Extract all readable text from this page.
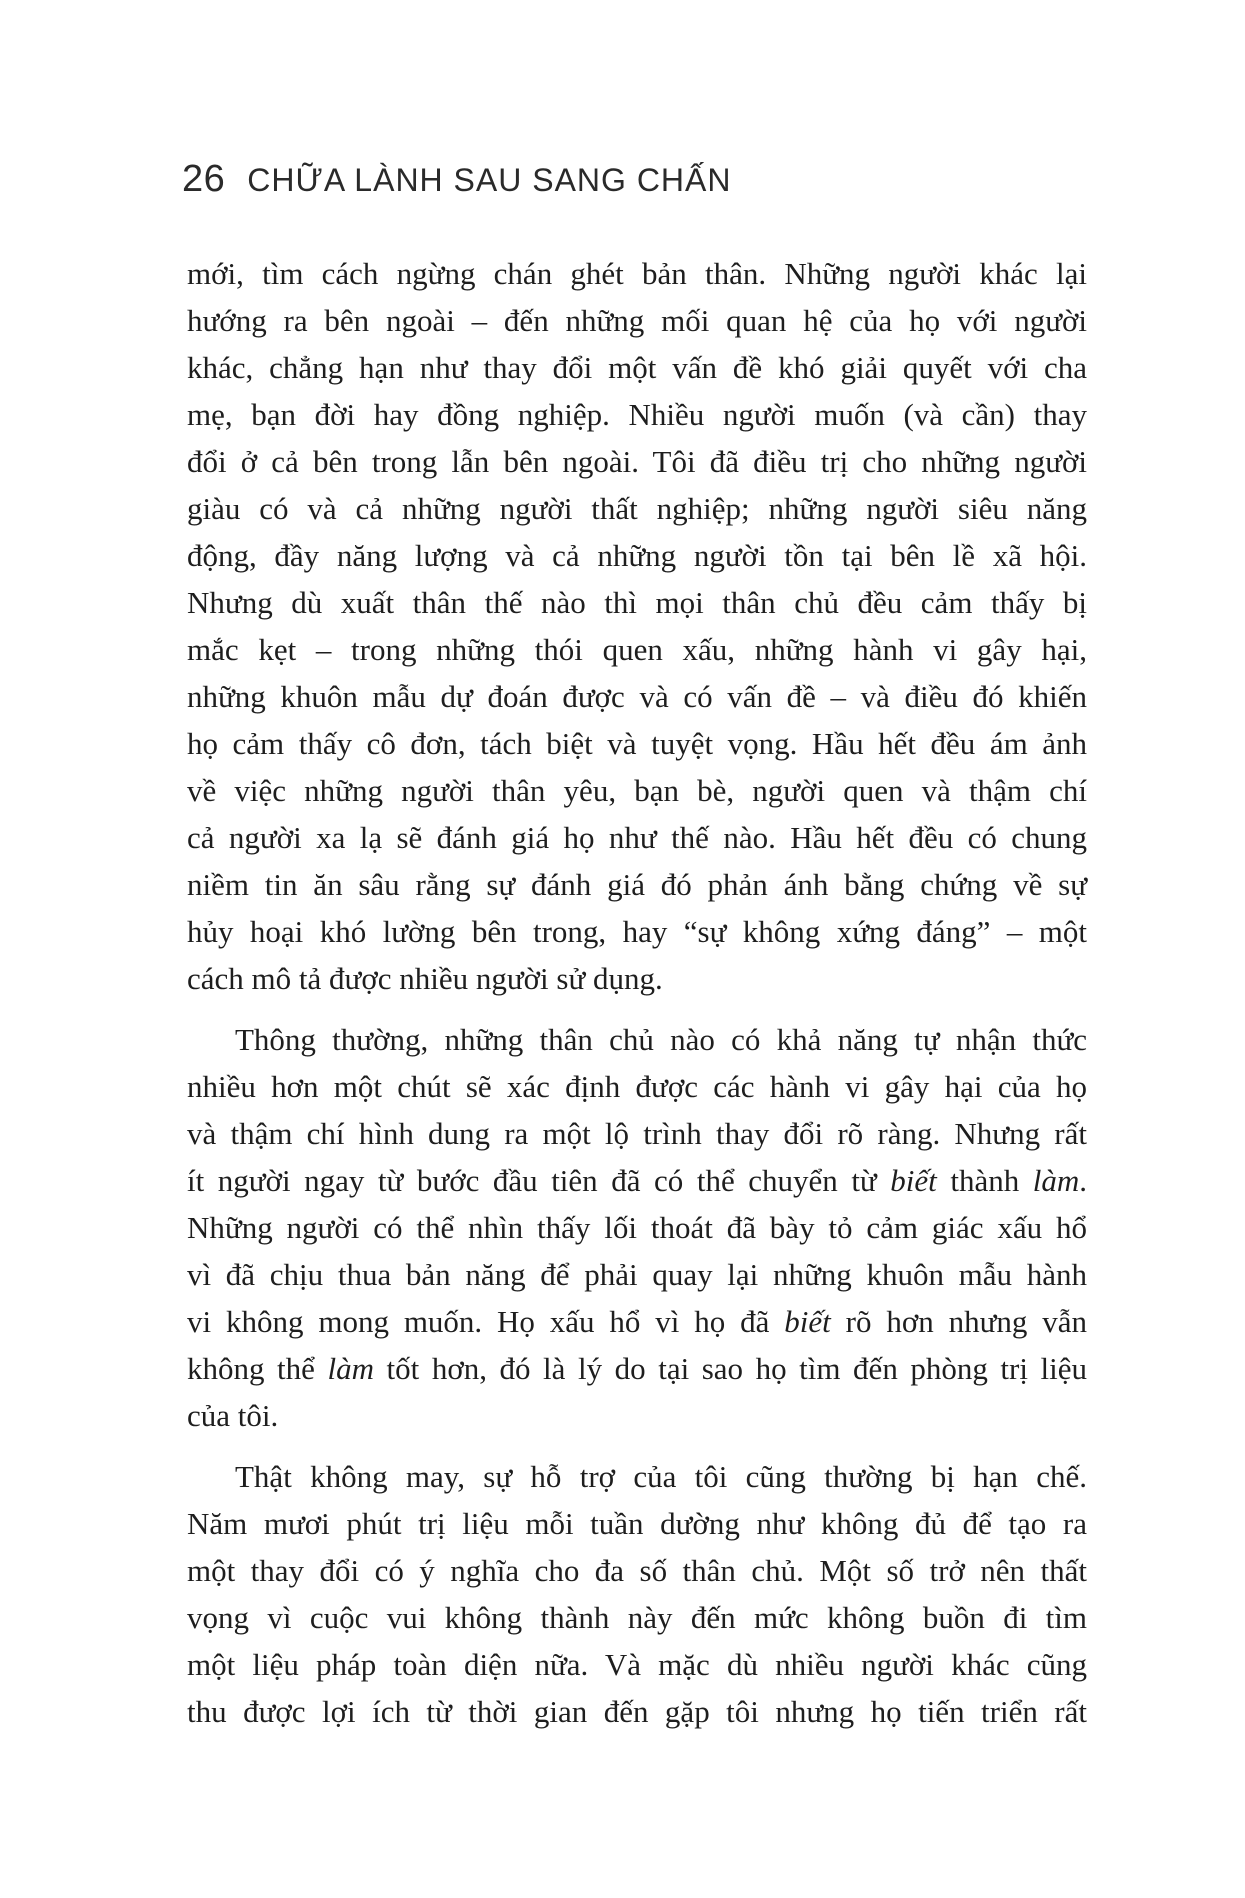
26 CHỮA LÀNH SAU SANG CHẤN
mới, tìm cách ngừng chán ghét bản thân. Những người khác lại
hướng ra bên ngoài – đến những mối quan hệ của họ với người
khác, chẳng hạn như thay đổi một vấn đề khó giải quyết với cha
mẹ, bạn đời hay đồng nghiệp. Nhiều người muốn (và cần) thay
đổi ở cả bên trong lẫn bên ngoài. Tôi đã điều trị cho những người
giàu có và cả những người thất nghiệp; những người siêu năng
động, đầy năng lượng và cả những người tồn tại bên lề xã hội.
Nhưng dù xuất thân thế nào thì mọi thân chủ đều cảm thấy bị
mắc kẹt – trong những thói quen xấu, những hành vi gây hại,
những khuôn mẫu dự đoán được và có vấn đề – và điều đó khiến
họ cảm thấy cô đơn, tách biệt và tuyệt vọng. Hầu hết đều ám ảnh
về việc những người thân yêu, bạn bè, người quen và thậm chí
cả người xa lạ sẽ đánh giá họ như thế nào. Hầu hết đều có chung
niềm tin ăn sâu rằng sự đánh giá đó phản ánh bằng chứng về sự
hủy hoại khó lường bên trong, hay “sự không xứng đáng” – một
cách mô tả được nhiều người sử dụng.
Thông thường, những thân chủ nào có khả năng tự nhận thức
nhiều hơn một chút sẽ xác định được các hành vi gây hại của họ
và thậm chí hình dung ra một lộ trình thay đổi rõ ràng. Nhưng rất
ít người ngay từ bước đầu tiên đã có thể chuyển từ biết thành làm.
Những người có thể nhìn thấy lối thoát đã bày tỏ cảm giác xấu hổ
vì đã chịu thua bản năng để phải quay lại những khuôn mẫu hành
vi không mong muốn. Họ xấu hổ vì họ đã biết rõ hơn nhưng vẫn
không thể làm tốt hơn, đó là lý do tại sao họ tìm đến phòng trị liệu
của tôi.
Thật không may, sự hỗ trợ của tôi cũng thường bị hạn chế.
Năm mươi phút trị liệu mỗi tuần dường như không đủ để tạo ra
một thay đổi có ý nghĩa cho đa số thân chủ. Một số trở nên thất
vọng vì cuộc vui không thành này đến mức không buồn đi tìm
một liệu pháp toàn diện nữa. Và mặc dù nhiều người khác cũng
thu được lợi ích từ thời gian đến gặp tôi nhưng họ tiến triển rất
